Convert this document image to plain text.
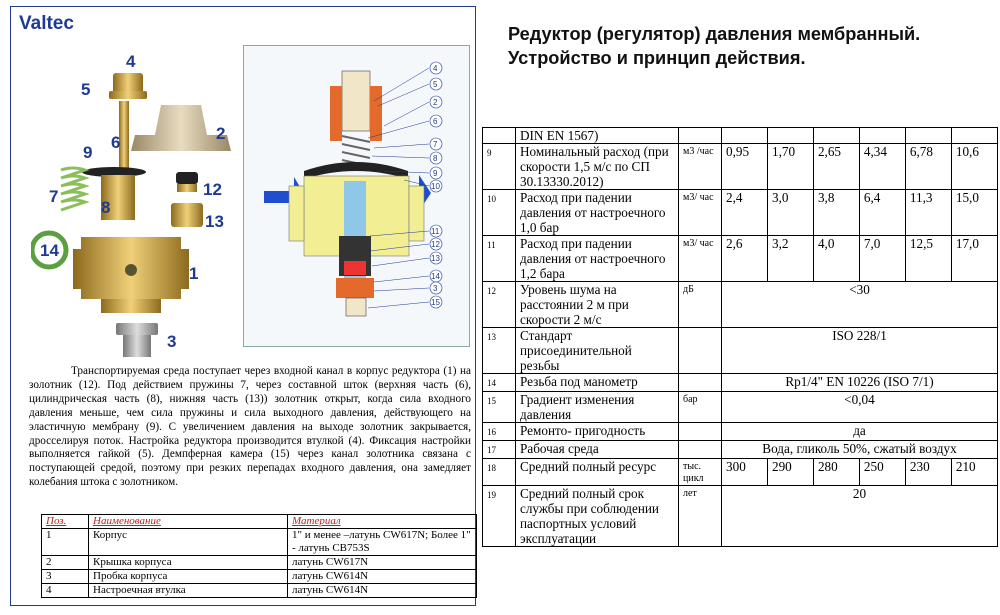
Valtec
4
5
6	2
9
7
8
12
13
14
1
3
4
5
2
6
7
8
9
10
11
12
13
14
3
15
Транспортируемая среда поступает через входной канал в корпус редуктора (1) на золотник (12). Под действием пружины 7, через составной шток (верхняя часть (6), цилиндрическая часть (8), нижняя часть (13)) золотник открыт, когда сила входного давления меньше, чем сила пружины и сила выходного давления, действующего на эластичную мембрану (9). С увеличением давления на выходе золотник закрывается, дросселируя поток. Настройка редуктора производится втулкой (4). Фиксация настройки выполняется гайкой (5). Демпферная камера (15) через канал золотника связана с поступающей средой, поэтому при резких перепадах входного давления, она замедляет колебания штока с золотником.
Поз.	Наименование	Материал
1	Корпус	1" и менее –латунь CW617N; Более 1" - латунь CB753S
2	Крышка корпуса	латунь CW617N
3	Пробка корпуса	латунь CW614N
4	Настроечная втулка	латунь CW614N
Редуктор (регулятор) давления мембранный.
Устройство и принцип действия.
	DIN EN 1567)							
9	Номинальный расход (при скорости 1,5 м/с по СП 30.13330.2012)	м3 /час	0,95	1,70	2,65	4,34	6,78	10,6
10	Расход при падении давления от настроечного 1,0 бар	м3/ час	2,4	3,0	3,8	6,4	11,3	15,0
11	Расход при падении давления от настроечного 1,2 бара	м3/ час	2,6	3,2	4,0	7,0	12,5	17,0
12	Уровень шума на расстоянии 2 м при скорости 2 м/с	дБ	<30					
13	Стандарт присоединительной резьбы		ISO 228/1					
14	Резьба под манометр		Rp1/4" EN 10226 (ISO 7/1)					
15	Градиент изменения давления	бар	<0,04					
16	Ремонто- пригодность		да					
17	Рабочая среда		Вода, гликоль 50%, сжатый воздух					
18	Средний полный ресурс	тыс. цикл	300	290	280	250	230	210
19	Средний полный срок службы при соблюдении паспортных условий эксплуатации	лет	20					
